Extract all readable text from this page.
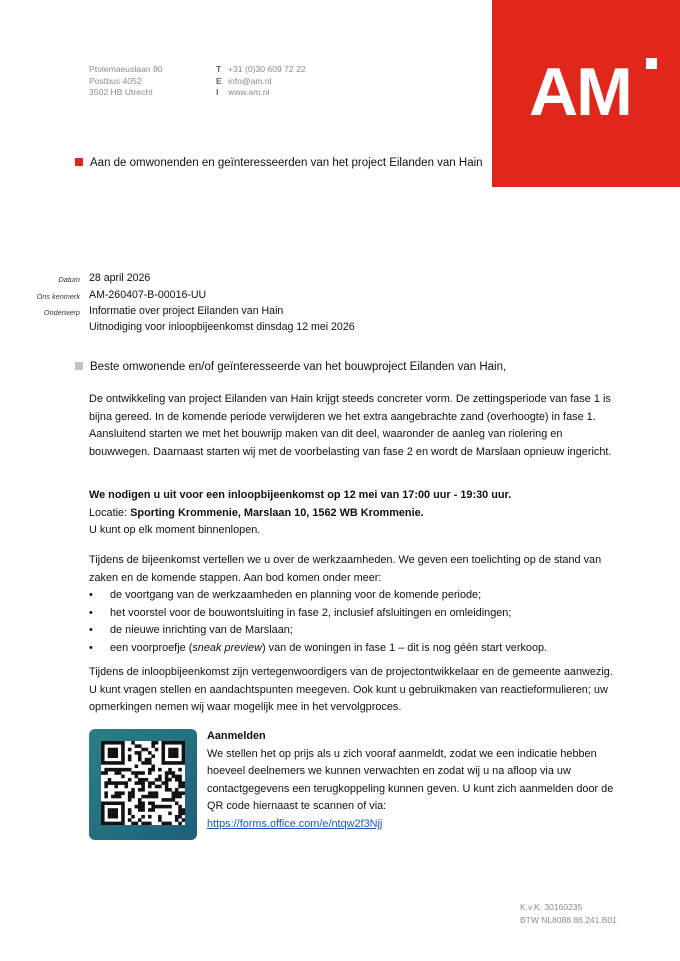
Ptolemaeuslaan 80
Postbus 4052
3502 HB Utrecht
T +31 (0)30 609 72 22
E info@am.nl
I www.am.nl	AM
Aan de omwonenden en geïnteresseerden van het project Eilanden van Hain
Datum 28 april 2026
Ons kenmerk AM-260407-B-00016-UU
Onderwerp Informatie over project Eilanden van Hain
Uitnodiging voor inloopbijeenkomst dinsdag 12 mei 2026
Beste omwonende en/of geïnteresseerde van het bouwproject Eilanden van Hain,

De ontwikkeling van project Eilanden van Hain krijgt steeds concreter vorm. De zettingsperiode van fase 1 is bijna gereed. In de komende periode verwijderen we het extra aangebrachte zand (overhoogte) in fase 1. Aansluitend starten we met het bouwrijp maken van dit deel, waaronder de aanleg van riolering en bouwwegen. Daarnaast starten wij met de voorbelasting van fase 2 en wordt de Marslaan opnieuw ingericht.

We nodigen u uit voor een inloopbijeenkomst op 12 mei van 17:00 uur - 19:30 uur.

Locatie: Sporting Krommenie, Marslaan 10, 1562 WB Krommenie.

U kunt op elk moment binnenlopen.

Tijdens de bijeenkomst vertellen we u over de werkzaamheden. We geven een toelichting op de stand van zaken en de komende stappen. Aan bod komen onder meer:

• de voortgang van de werkzaamheden en planning voor de komende periode;

• het voorstel voor de bouwontsluiting in fase 2, inclusief afsluitingen en omleidingen;

• de nieuwe inrichting van de Marslaan;

• een voorproefje (sneak preview) van de woningen in fase 1 – dit is nog géén start verkoop.

Tijdens de inloopbijeenkomst zijn vertegenwoordigers van de projectontwikkelaar en de gemeente aanwezig. U kunt vragen stellen en aandachtspunten meegeven. Ook kunt u gebruikmaken van reactieformulieren; uw opmerkingen nemen wij waar mogelijk mee in het vervolgproces.

Aanmelden

We stellen het op prijs als u zich vooraf aanmeldt, zodat we een indicatie hebben hoeveel deelnemers we kunnen verwachten en zodat wij u na afloop via uw contactgegevens een terugkoppeling kunnen geven. U kunt zich aanmelden door de QR code hiernaast te scannen of via:

https://forms.office.com/e/ntqw2f3Njj

K.v.K. 30160235
BTW NL8088.86.241.B01
